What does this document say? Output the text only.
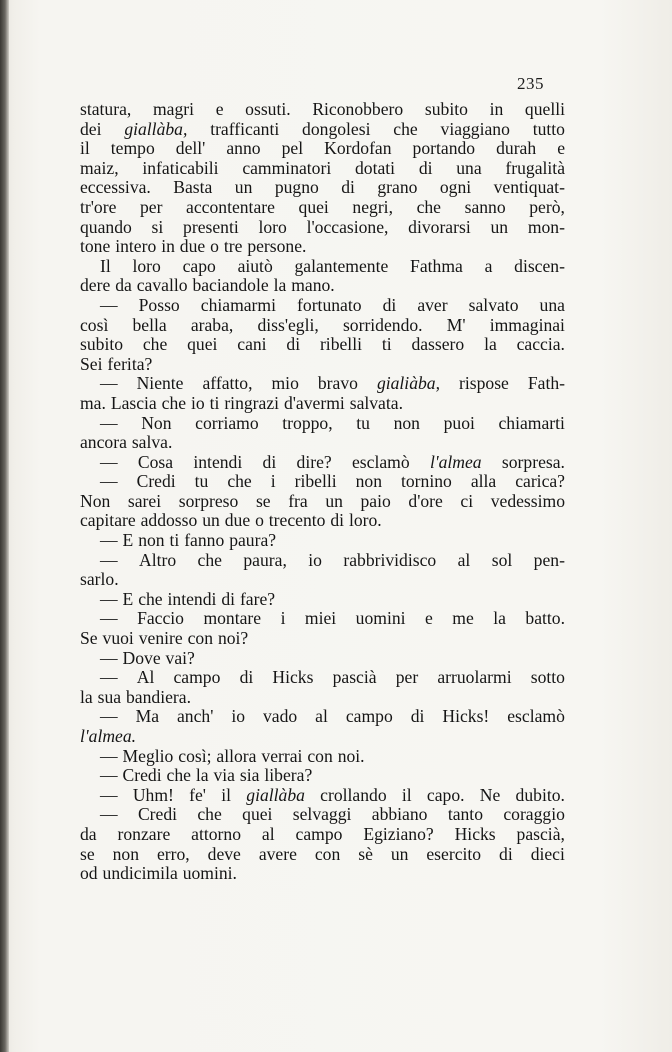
235
statura, magri e ossuti. Riconobbero subito in quelli
dei giallàba, trafficanti dongolesi che viaggiano tutto
il tempo dell' anno pel Kordofan portando durah e
maiz, infaticabili camminatori dotati di una frugalità
eccessiva. Basta un pugno di grano ogni ventiquat-
tr'ore per accontentare quei negri, che sanno però,
quando si presenti loro l'occasione, divorarsi un mon-
tone intero in due o tre persone.
Il loro capo aiutò galantemente Fathma a discen-
dere da cavallo baciandole la mano.
— Posso chiamarmi fortunato di aver salvato una
così bella araba, diss'egli, sorridendo. M' immaginai
subito che quei cani di ribelli ti dassero la caccia.
Sei ferita?
— Niente affatto, mio bravo gialiàba, rispose Fath-
ma. Lascia che io ti ringrazi d'avermi salvata.
— Non corriamo troppo, tu non puoi chiamarti
ancora salva.
— Cosa intendi di dire? esclamò l'almea sorpresa.
— Credi tu che i ribelli non tornino alla carica?
Non sarei sorpreso se fra un paio d'ore ci vedessimo
capitare addosso un due o trecento di loro.
— E non ti fanno paura?
— Altro che paura, io rabbrividisco al sol pen-
sarlo.
— E che intendi di fare?
— Faccio montare i miei uomini e me la batto.
Se vuoi venire con noi?
— Dove vai?
— Al campo di Hicks pascià per arruolarmi sotto
la sua bandiera.
— Ma anch' io vado al campo di Hicks! esclamò
l'almea.
— Meglio così; allora verrai con noi.
— Credi che la via sia libera?
— Uhm! fe' il giallàba crollando il capo. Ne dubito.
— Credi che quei selvaggi abbiano tanto coraggio
da ronzare attorno al campo Egiziano? Hicks pascià,
se non erro, deve avere con sè un esercito di dieci
od undicimila uomini.
